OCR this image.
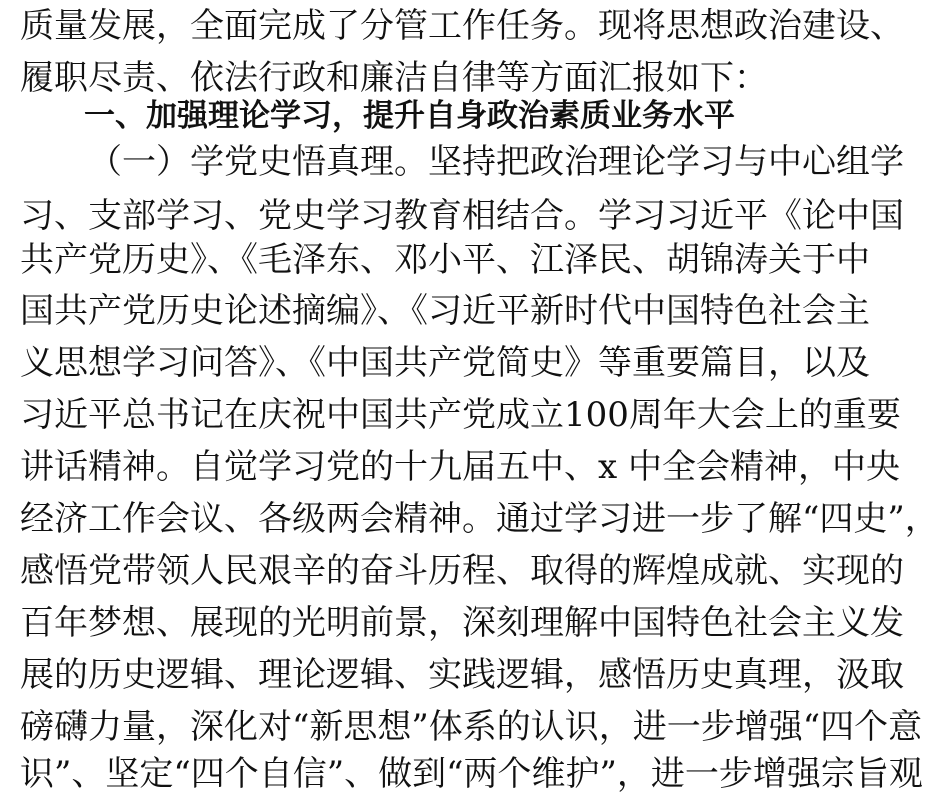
质量发展，全面完成了分管工作任务。现将思想政治建设、
履职尽责、依法行政和廉洁自律等方面汇报如下：
一、加强理论学习，提升自身政治素质业务水平
（一）学党史悟真理。坚持把政治理论学习与中心组学
习、支部学习、党史学习教育相结合。学习习近平《论中国
共产党历史》、《毛泽东、邓小平、江泽民、胡锦涛关于中
国共产党历史论述摘编》、《习近平新时代中国特色社会主
义思想学习问答》、《中国共产党简史》等重要篇目，以及
习近平总书记在庆祝中国共产党成立100周年大会上的重要
讲话精神。自觉学习党的十九届五中、x 中全会精神，中央
经济工作会议、各级两会精神。通过学习进一步了解“四史”，
感悟党带领人民艰辛的奋斗历程、取得的辉煌成就、实现的
百年梦想、展现的光明前景，深刻理解中国特色社会主义发
展的历史逻辑、理论逻辑、实践逻辑，感悟历史真理，汲取
磅礴力量，深化对“新思想”体系的认识，进一步增强“四个意
识”、坚定“四个自信”、做到“两个维护”，进一步增强宗旨观
